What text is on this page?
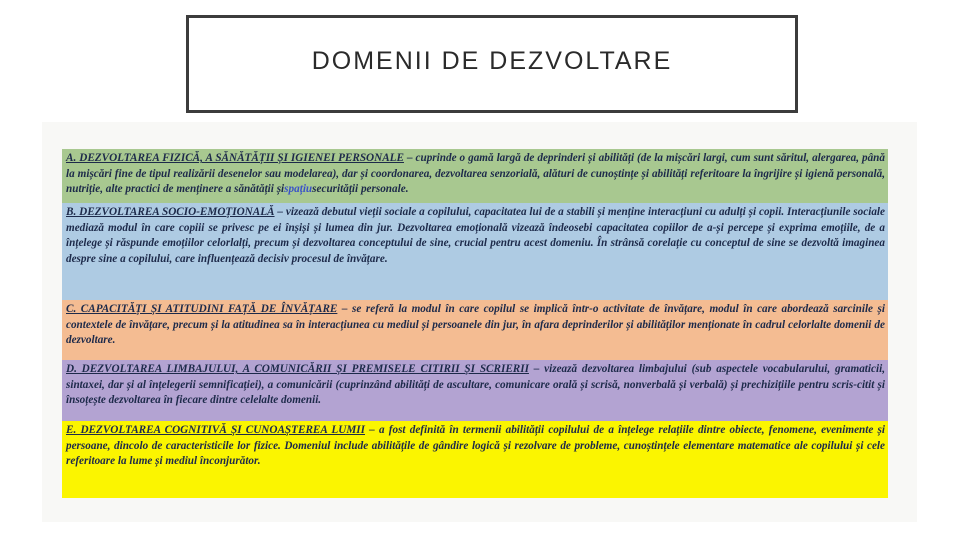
DOMENII DE DEZVOLTARE
A. DEZVOLTAREA FIZICĂ, A SĂNĂTĂȚII ȘI IGIENEI PERSONALE – cuprinde o gamă largă de deprinderi și abilități (de la mișcări largi, cum sunt săritul, alergarea, până la mișcări fine de tipul realizării desenelor sau modelarea), dar și coordonarea, dezvoltarea senzorială, alături de cunoștințe și abilități referitoare la îngrijire și igienă personală, nutriție, alte practici de menținere a sănătății șispațiusecurității personale.
B. DEZVOLTAREA SOCIO-EMOȚIONALĂ – vizează debutul vieții sociale a copilului, capacitatea lui de a stabili și menține interacțiuni cu adulți și copii. Interacțiunile sociale mediază modul în care copiii se privesc pe ei înșiși și lumea din jur. Dezvoltarea emoțională vizează îndeosebi capacitatea copiilor de a-și percepe și exprima emoțiile, de a înțelege și răspunde emoțiilor celorlalți, precum și dezvoltarea conceptului de sine, crucial pentru acest domeniu. În strânsă corelație cu conceptul de sine se dezvoltă imaginea despre sine a copilului, care influențează decisiv procesul de învățare.
C. CAPACITĂȚI ȘI ATITUDINI FAȚĂ DE ÎNVĂȚARE – se referă la modul în care copilul se implică într-o activitate de învățare, modul în care abordează sarcinile și contextele de învățare, precum și la atitudinea sa în interacțiunea cu mediul și persoanele din jur, în afara deprinderilor și abilităților menționate în cadrul celorlalte domenii de dezvoltare.
D. DEZVOLTAREA LIMBAJULUI, A COMUNICĂRII ȘI PREMISELE CITIRII ȘI SCRIERII – vizează dezvoltarea limbajului (sub aspectele vocabularului, gramaticii, sintaxei, dar și al înțelegerii semnificației), a comunicării (cuprinzând abilități de ascultare, comunicare orală și scrisă, nonverbală și verbală) și prechizițiile pentru scris-citit și însoțește dezvoltarea în fiecare dintre celelalte domenii.
E. DEZVOLTAREA COGNITIVĂ ȘI CUNOAȘTEREA LUMII – a fost definită în termenii abilității copilului de a înțelege relațiile dintre obiecte, fenomene, evenimente și persoane, dincolo de caracteristicile lor fizice. Domeniul include abilitățile de gândire logică și rezolvare de probleme, cunoștințele elementare matematice ale copilului și cele referitoare la lume și mediul înconjurător.
